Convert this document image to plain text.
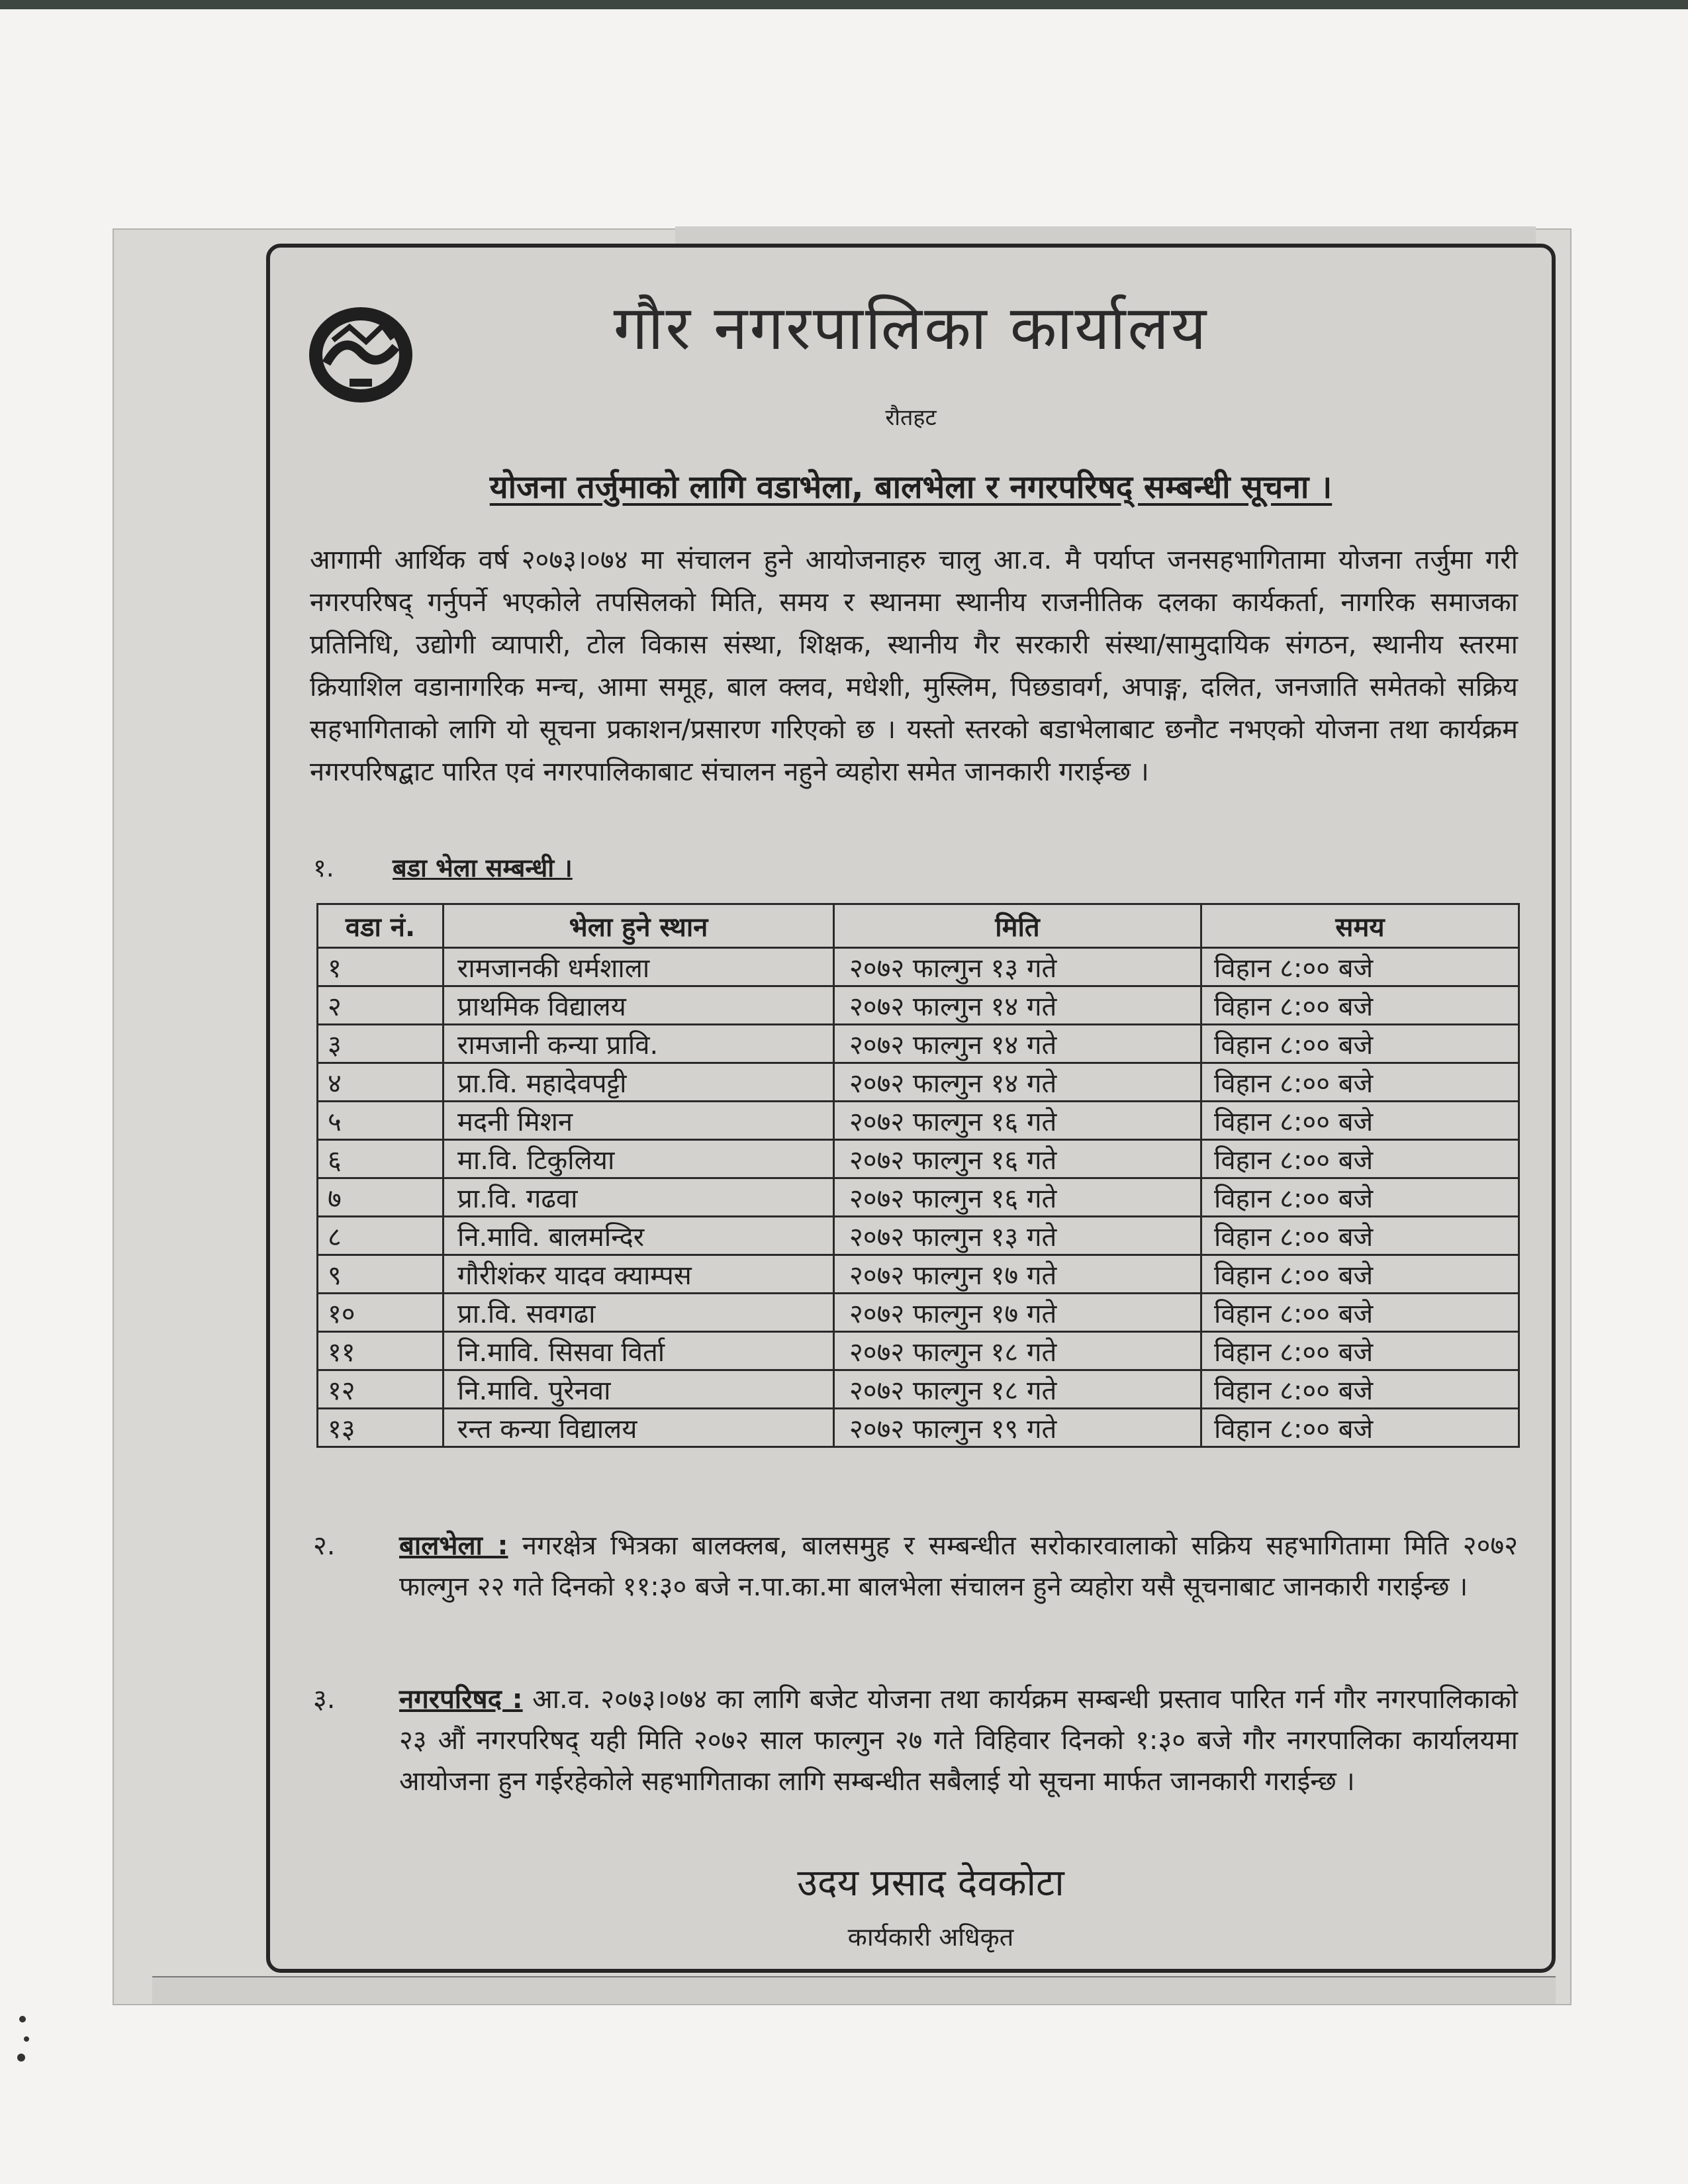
गौर नगरपालिका कार्यालय
रौतहट
योजना तर्जुमाको लागि वडाभेला, बालभेला र नगरपरिषद् सम्बन्धी सूचना ।
आगामी आर्थिक वर्ष २०७३।०७४ मा संचालन हुने आयोजनाहरु चालु आ.व. मै पर्याप्त जनसहभागितामा योजना तर्जुमा गरी नगरपरिषद् गर्नुपर्ने भएकोले तपसिलको मिति, समय र स्थानमा स्थानीय राजनीतिक दलका कार्यकर्ता, नागरिक समाजका प्रतिनिधि, उद्योगी व्यापारी, टोल विकास संस्था, शिक्षक, स्थानीय गैर सरकारी संस्था/सामुदायिक संगठन, स्थानीय स्तरमा क्रियाशिल वडानागरिक मन्च, आमा समूह, बाल क्लव, मधेशी, मुस्लिम, पिछडावर्ग, अपाङ्ग, दलित, जनजाति समेतको सक्रिय सहभागिताको लागि यो सूचना प्रकाशन/प्रसारण गरिएको छ । यस्तो स्तरको बडाभेलाबाट छनौट नभएको योजना तथा कार्यक्रम नगरपरिषद्बाट पारित एवं नगरपालिकाबाट संचालन नहुने व्यहोरा समेत जानकारी गराईन्छ ।
१. बडा भेला सम्बन्धी ।
वडा नं.	भेला हुने स्थान	मिति	समय
१	रामजानकी धर्मशाला	२०७२ फाल्गुन १३ गते	विहान ८:०० बजे
२	प्राथमिक विद्यालय	२०७२ फाल्गुन १४ गते	विहान ८:०० बजे
३	रामजानी कन्या प्रावि.	२०७२ फाल्गुन १४ गते	विहान ८:०० बजे
४	प्रा.वि. महादेवपट्टी	२०७२ फाल्गुन १४ गते	विहान ८:०० बजे
५	मदनी मिशन	२०७२ फाल्गुन १६ गते	विहान ८:०० बजे
६	मा.वि. टिकुलिया	२०७२ फाल्गुन १६ गते	विहान ८:०० बजे
७	प्रा.वि. गढवा	२०७२ फाल्गुन १६ गते	विहान ८:०० बजे
८	नि.मावि. बालमन्दिर	२०७२ फाल्गुन १३ गते	विहान ८:०० बजे
९	गौरीशंकर यादव क्याम्पस	२०७२ फाल्गुन १७ गते	विहान ८:०० बजे
१०	प्रा.वि. सवगढा	२०७२ फाल्गुन १७ गते	विहान ८:०० बजे
११	नि.मावि. सिसवा विर्ता	२०७२ फाल्गुन १८ गते	विहान ८:०० बजे
१२	नि.मावि. पुरेनवा	२०७२ फाल्गुन १८ गते	विहान ८:०० बजे
१३	रन्त कन्या विद्यालय	२०७२ फाल्गुन १९ गते	विहान ८:०० बजे
२.	बालभेला : नगरक्षेत्र भित्रका बालक्लब, बालसमुह र सम्बन्धीत सरोकारवालाको सक्रिय सहभागितामा मिति २०७२ फाल्गुन २२ गते दिनको ११:३० बजे न.पा.का.मा बालभेला संचालन हुने व्यहोरा यसै सूचनाबाट जानकारी गराईन्छ ।
३.	नगरपरिषद : आ.व. २०७३।०७४ का लागि बजेट योजना तथा कार्यक्रम सम्बन्धी प्रस्ताव पारित गर्न गौर नगरपालिकाको २३ औं नगरपरिषद् यही मिति २०७२ साल फाल्गुन २७ गते विहिवार दिनको १:३० बजे गौर नगरपालिका कार्यालयमा आयोजना हुन गईरहेकोले सहभागिताका लागि सम्बन्धीत सबैलाई यो सूचना मार्फत जानकारी गराईन्छ ।
उदय प्रसाद देवकोटा
कार्यकारी अधिकृत
